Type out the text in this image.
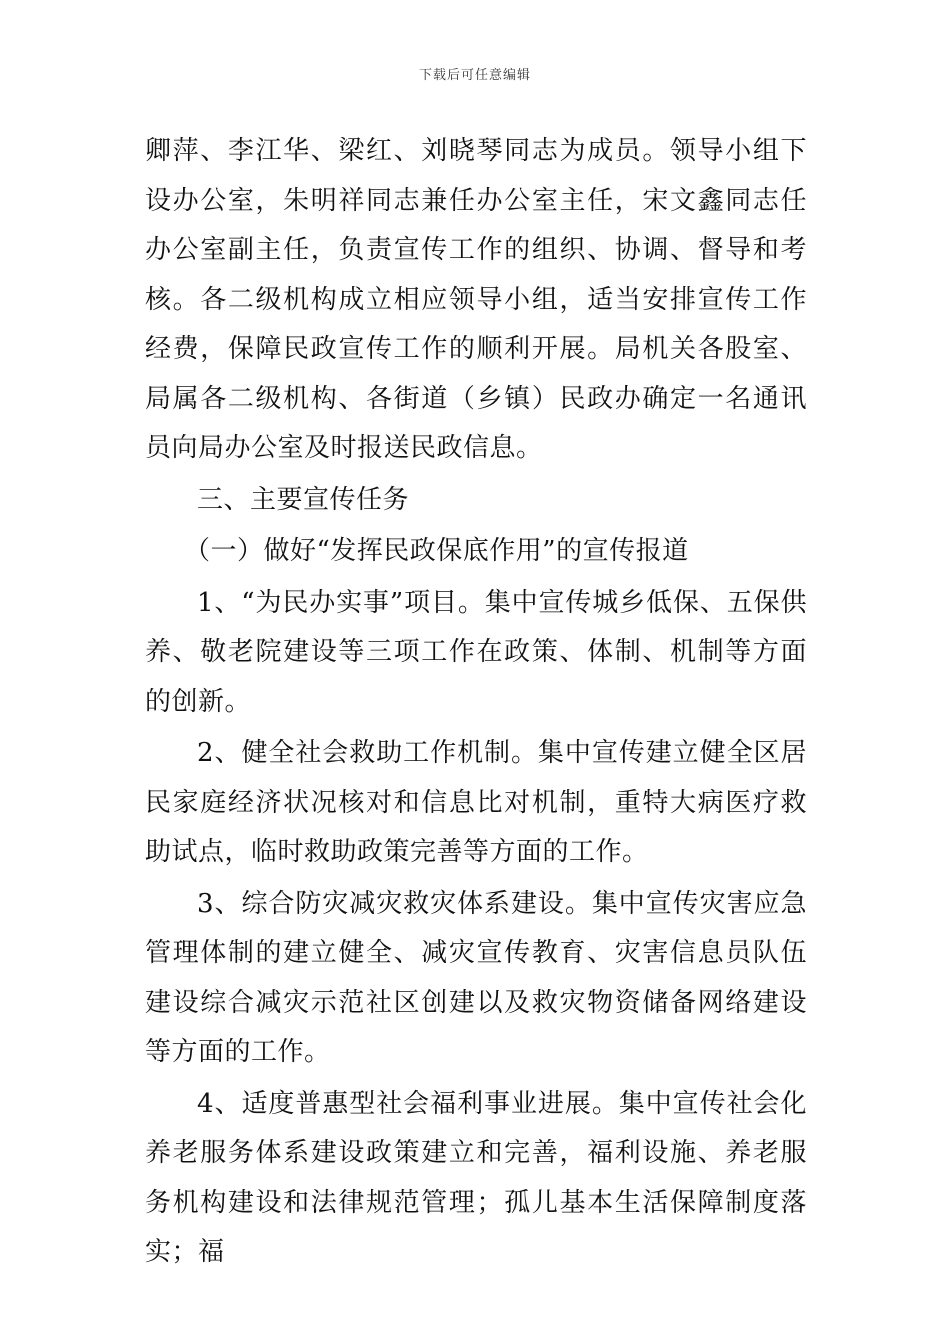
下载后可任意编辑

卿萍、李江华、梁红、刘晓琴同志为成员。领导小组下设办公室，朱明祥同志兼任办公室主任，宋文鑫同志任办公室副主任，负责宣传工作的组织、协调、督导和考核。各二级机构成立相应领导小组，适当安排宣传工作经费，保障民政宣传工作的顺利开展。局机关各股室、局属各二级机构、各街道（乡镇）民政办确定一名通讯员向局办公室及时报送民政信息。

三、主要宣传任务

（一）做好“发挥民政保底作用”的宣传报道

1、“为民办实事”项目。集中宣传城乡低保、五保供养、敬老院建设等三项工作在政策、体制、机制等方面的创新。

2、健全社会救助工作机制。集中宣传建立健全区居民家庭经济状况核对和信息比对机制，重特大病医疗救助试点，临时救助政策完善等方面的工作。

3、综合防灾减灾救灾体系建设。集中宣传灾害应急管理体制的建立健全、减灾宣传教育、灾害信息员队伍建设综合减灾示范社区创建以及救灾物资储备网络建设等方面的工作。

4、适度普惠型社会福利事业进展。集中宣传社会化养老服务体系建设政策建立和完善，福利设施、养老服务机构建设和法律规范管理；孤儿基本生活保障制度落实；福
